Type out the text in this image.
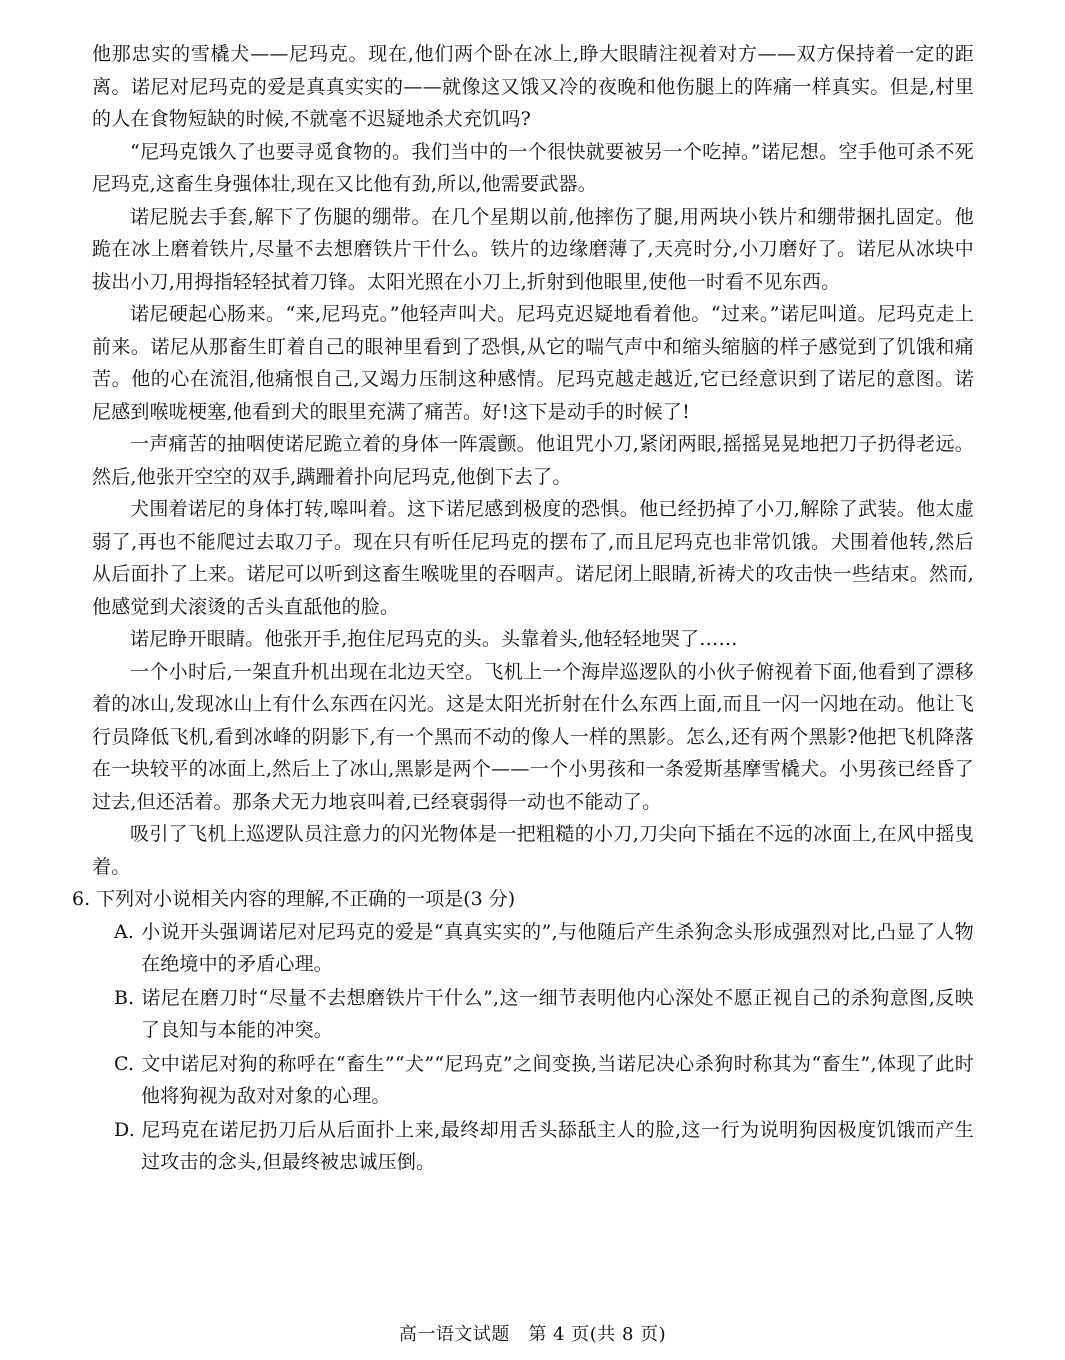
他那忠实的雪橇犬——尼玛克。现在,他们两个卧在冰上,睁大眼睛注视着对方——双方保持着一定的距离。诺尼对尼玛克的爱是真真实实的——就像这又饿又冷的夜晚和他伤腿上的阵痛一样真实。但是,村里的人在食物短缺的时候,不就毫不迟疑地杀犬充饥吗?

“尼玛克饿久了也要寻觅食物的。我们当中的一个很快就要被另一个吃掉。”诺尼想。空手他可杀不死尼玛克,这畜生身强体壮,现在又比他有劲,所以,他需要武器。

诺尼脱去手套,解下了伤腿的绷带。在几个星期以前,他摔伤了腿,用两块小铁片和绷带捆扎固定。他跪在冰上磨着铁片,尽量不去想磨铁片干什么。铁片的边缘磨薄了,天亮时分,小刀磨好了。诺尼从冰块中拔出小刀,用拇指轻轻拭着刀锋。太阳光照在小刀上,折射到他眼里,使他一时看不见东西。

诺尼硬起心肠来。“来,尼玛克。”他轻声叫犬。尼玛克迟疑地看着他。“过来。”诺尼叫道。尼玛克走上前来。诺尼从那畜生盯着自己的眼神里看到了恐惧,从它的喘气声中和缩头缩脑的样子感觉到了饥饿和痛苦。他的心在流泪,他痛恨自己,又竭力压制这种感情。尼玛克越走越近,它已经意识到了诺尼的意图。诺尼感到喉咙梗塞,他看到犬的眼里充满了痛苦。好!这下是动手的时候了!

一声痛苦的抽咽使诺尼跪立着的身体一阵震颤。他诅咒小刀,紧闭两眼,摇摇晃晃地把刀子扔得老远。然后,他张开空空的双手,蹒跚着扑向尼玛克,他倒下去了。

犬围着诺尼的身体打转,嗥叫着。这下诺尼感到极度的恐惧。他已经扔掉了小刀,解除了武装。他太虚弱了,再也不能爬过去取刀子。现在只有听任尼玛克的摆布了,而且尼玛克也非常饥饿。犬围着他转,然后从后面扑了上来。诺尼可以听到这畜生喉咙里的吞咽声。诺尼闭上眼睛,祈祷犬的攻击快一些结束。然而,他感觉到犬滚烫的舌头直舐他的脸。

诺尼睁开眼睛。他张开手,抱住尼玛克的头。头靠着头,他轻轻地哭了……

一个小时后,一架直升机出现在北边天空。飞机上一个海岸巡逻队的小伙子俯视着下面,他看到了漂移着的冰山,发现冰山上有什么东西在闪光。这是太阳光折射在什么东西上面,而且一闪一闪地在动。他让飞行员降低飞机,看到冰峰的阴影下,有一个黑而不动的像人一样的黑影。怎么,还有两个黑影?他把飞机降落在一块较平的冰面上,然后上了冰山,黑影是两个——一个小男孩和一条爱斯基摩雪橇犬。小男孩已经昏了过去,但还活着。那条犬无力地哀叫着,已经衰弱得一动也不能动了。

吸引了飞机上巡逻队员注意力的闪光物体是一把粗糙的小刀,刀尖向下插在不远的冰面上,在风中摇曳着。

6. 下列对小说相关内容的理解,不正确的一项是(3 分)

A. 小说开头强调诺尼对尼玛克的爱是“真真实实的”,与他随后产生杀狗念头形成强烈对比,凸显了人物在绝境中的矛盾心理。
B. 诺尼在磨刀时“尽量不去想磨铁片干什么”,这一细节表明他内心深处不愿正视自己的杀狗意图,反映了良知与本能的冲突。
C. 文中诺尼对狗的称呼在“畜生”“犬”“尼玛克”之间变换,当诺尼决心杀狗时称其为“畜生”,体现了此时他将狗视为敌对对象的心理。
D. 尼玛克在诺尼扔刀后从后面扑上来,最终却用舌头舔舐主人的脸,这一行为说明狗因极度饥饿而产生过攻击的念头,但最终被忠诚压倒。
高一语文试题　第 4 页(共 8 页)
